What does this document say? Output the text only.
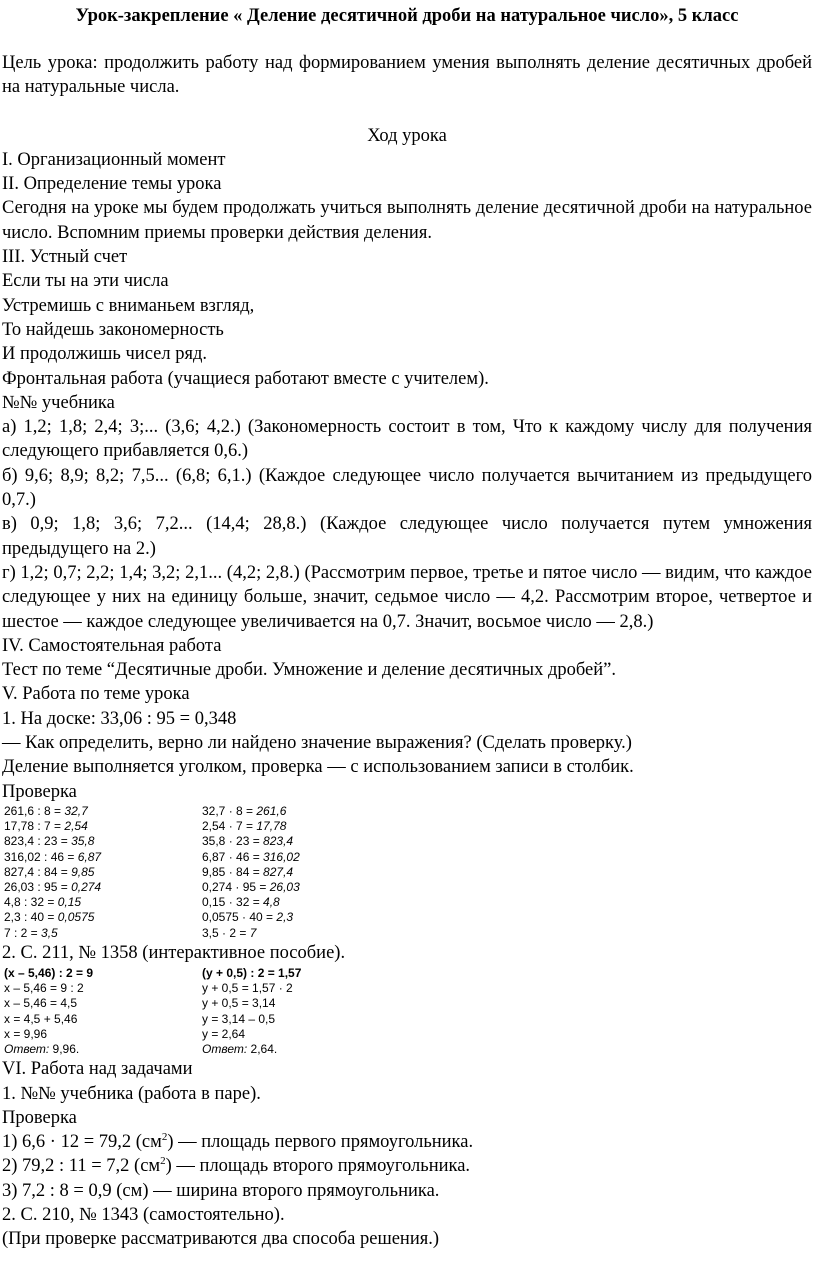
Урок-закрепление « Деление десятичной дроби на натуральное число», 5 класс
Цель урока: продолжить работу над формированием умения выполнять деление десятичных дробей на натуральные числа.
Ход урока
I. Организационный момент
II. Определение темы урока
Сегодня на уроке мы будем продолжать учиться выполнять деление десятичной дроби на натуральное число. Вспомним приемы проверки действия деления.
III. Устный счет
Если ты на эти числа
Устремишь с вниманьем взгляд,
То найдешь закономерность
И продолжишь чисел ряд.
Фронтальная работа (учащиеся работают вместе с учителем).
№№ учебника
а) 1,2; 1,8; 2,4; 3;... (3,6; 4,2.) (Закономерность состоит в том, Что к каждому числу для получения следующего прибавляется 0,6.)
б) 9,6; 8,9; 8,2; 7,5... (6,8; 6,1.) (Каждое следующее число получается вычитанием из предыдущего 0,7.)
в) 0,9; 1,8; 3,6; 7,2... (14,4; 28,8.) (Каждое следующее число получается путем умножения предыдущего на 2.)
г) 1,2; 0,7; 2,2; 1,4; 3,2; 2,1... (4,2; 2,8.) (Рассмотрим первое, третье и пятое число — видим, что каждое следующее у них на единицу больше, значит, седьмое число — 4,2. Рассмотрим второе, четвертое и шестое — каждое следующее увеличивается на 0,7. Значит, восьмое число — 2,8.)
IV. Самостоятельная работа
Тест по теме “Десятичные дроби. Умножение и деление десятичных дробей”.
V. Работа по теме урока
1. На доске: 33,06 : 95 = 0,348
— Как определить, верно ли найдено значение выражения? (Сделать проверку.)
Деление выполняется уголком, проверка — с использованием записи в столбик.
Проверка
261,6 : 8 = 32,7
17,78 : 7 = 2,54
823,4 : 23 = 35,8
316,02 : 46 = 6,87
827,4 : 84 = 9,85
26,03 : 95 = 0,274
4,8 : 32 = 0,15
2,3 : 40 = 0,0575
7 : 2 = 3,5
32,7 · 8 = 261,6
2,54 · 7 = 17,78
35,8 · 23 = 823,4
6,87 · 46 = 316,02
9,85 · 84 = 827,4
0,274 · 95 = 26,03
0,15 · 32 = 4,8
0,0575 · 40 = 2,3
3,5 · 2 = 7
2. С. 211, № 1358 (интерактивное пособие).
(x – 5,46) : 2 = 9
x – 5,46 = 9 : 2
x – 5,46 = 4,5
x = 4,5 + 5,46
x = 9,96
Ответ: 9,96.
(y + 0,5) : 2 = 1,57
y + 0,5 = 1,57 · 2
y + 0,5 = 3,14
y = 3,14 – 0,5
y = 2,64
Ответ: 2,64.
VI. Работа над задачами
1. №№ учебника (работа в паре).
Проверка
1) 6,6 · 12 = 79,2 $(см^2)$ — площадь первого прямоугольника.
2) 79,2 : 11 = 7,2 $(см^2)$ — площадь второго прямоугольника.
3) 7,2 : 8 = 0,9 (см) — ширина второго прямоугольника.
2. С. 210, № 1343 (самостоятельно).
(При проверке рассматриваются два способа решения.)
